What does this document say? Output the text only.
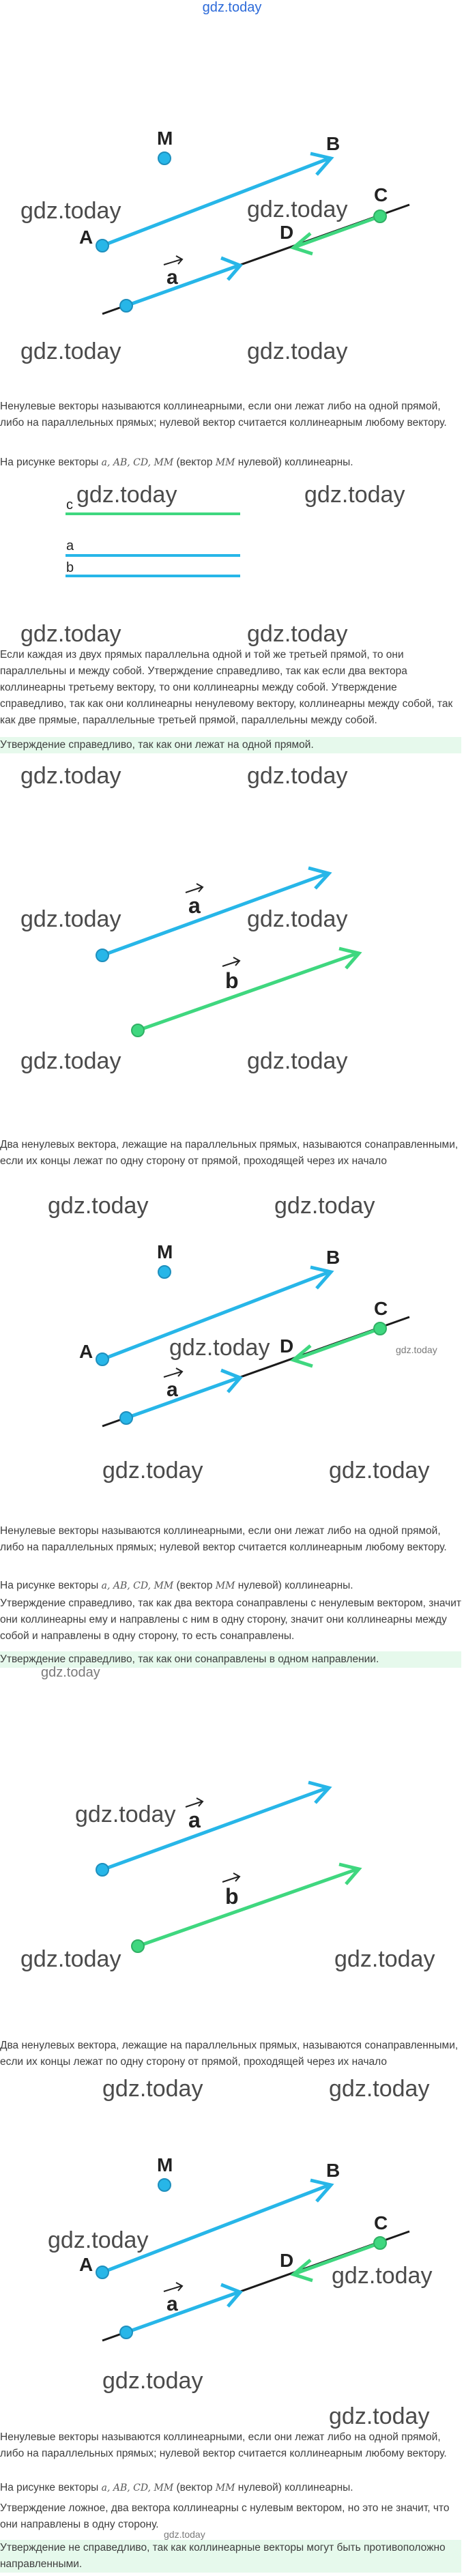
gdz.today
M
A
B
C
D
a
gdz.today	gdz.today
gdz.today	gdz.today
Ненулевые векторы называются коллинеарными, если они лежат либо на одной прямой, либо на параллельных прямых; нулевой вектор считается коллинеарным любому вектору.
На рисунке векторы a, AB, CD, MM (вектор MM нулевой) коллинеарны.
c
a
b
gdz.today	gdz.today
gdz.today	gdz.today
Если каждая из двух прямых параллельна одной и той же третьей прямой, то они параллельны и между собой. Утверждение справедливо, так как если два вектора коллинеарны третьему вектору, то они коллинеарны между собой. Утверждение справедливо, так как они коллинеарны ненулевому вектору, коллинеарны между собой, так как две прямые, параллельные третьей прямой, параллельны между собой.
Утверждение справедливо, так как они лежат на одной прямой.
gdz.today	gdz.today
a
b
gdz.today	gdz.today
gdz.today	gdz.today
Два ненулевых вектора, лежащие на параллельных прямых, называются сонаправленными, если их концы лежат по одну сторону от прямой, проходящей через их начало
gdz.today	gdz.today
M
A
B
C
D
a
gdz.today	gdz.today
gdz.today	gdz.today
Ненулевые векторы называются коллинеарными, если они лежат либо на одной прямой, либо на параллельных прямых; нулевой вектор считается коллинеарным любому вектору.
На рисунке векторы a, AB, CD, MM (вектор MM нулевой) коллинеарны.
Утверждение справедливо, так как два вектора сонаправлены с ненулевым вектором, значит они коллинеарны ему и направлены с ним в одну сторону, значит они коллинеарны между собой и направлены в одну сторону, то есть сонаправлены.
Утверждение справедливо, так как они сонаправлены в одном направлении.
gdz.today
a
b
gdz.today
gdz.today	gdz.today
Два ненулевых вектора, лежащие на параллельных прямых, называются сонаправленными, если их концы лежат по одну сторону от прямой, проходящей через их начало
gdz.today	gdz.today
M
A
B
C
D
a
gdz.today
gdz.today
gdz.today
gdz.today
Ненулевые векторы называются коллинеарными, если они лежат либо на одной прямой, либо на параллельных прямых; нулевой вектор считается коллинеарным любому вектору.
На рисунке векторы a, AB, CD, MM (вектор MM нулевой) коллинеарны.
Утверждение ложное, два вектора коллинеарны с нулевым вектором, но это не значит, что они направлены в одну сторону.
gdz.today
Утверждение не справедливо, так как коллинеарные векторы могут быть противоположно направленными.
